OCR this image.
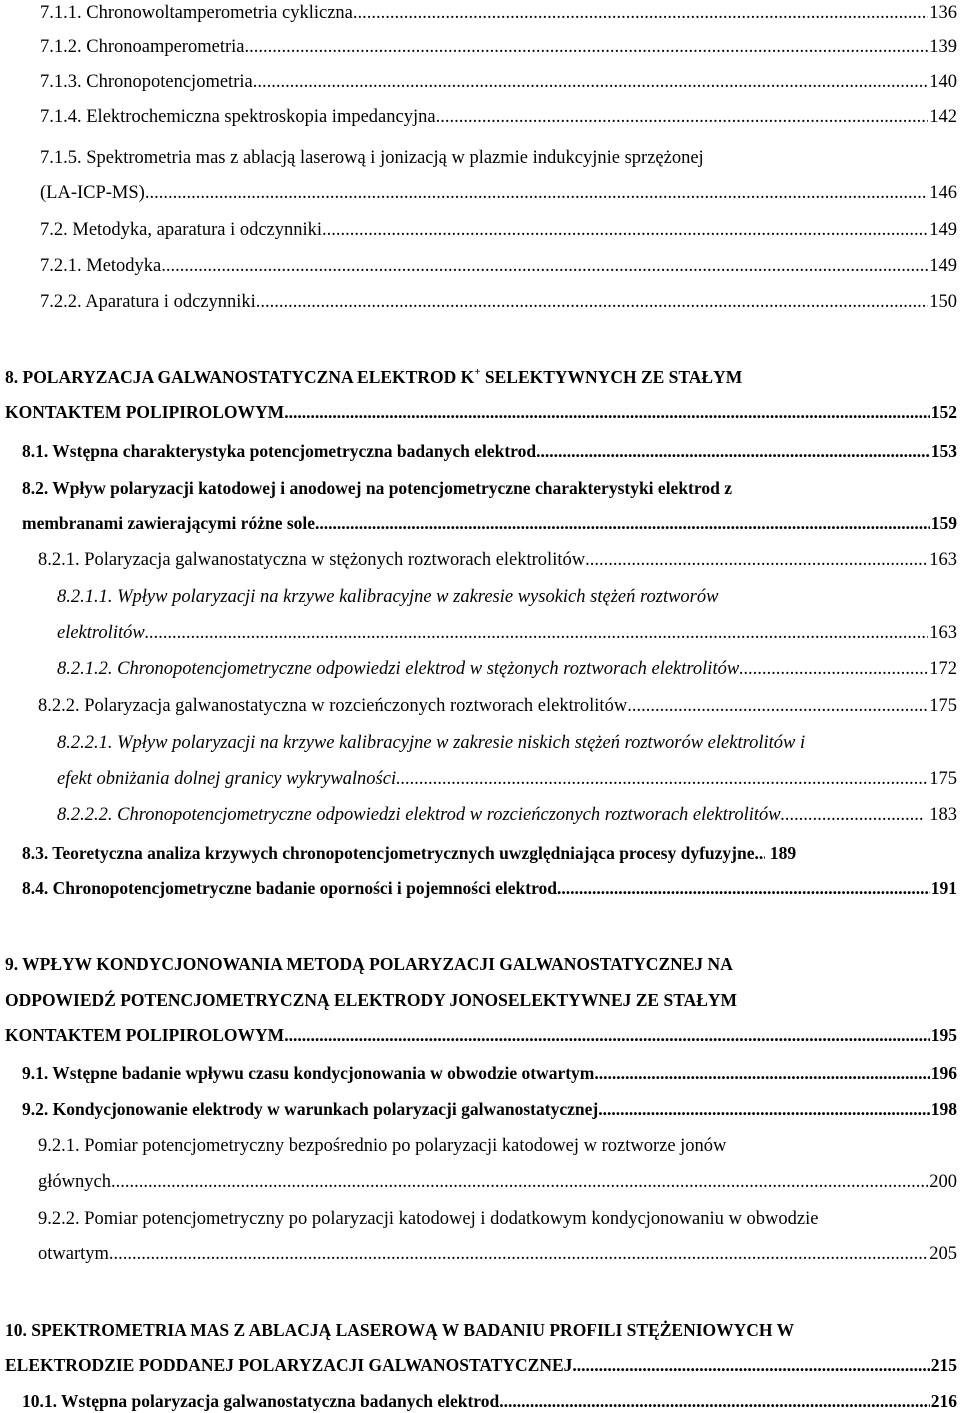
7.1.1. Chronowoltamperometria cykliczna .....	136
7.1.2. Chronoamperometria .....	139
7.1.3. Chronopotencjometria .....	140
7.1.4. Elektrochemiczna spektroskopia impedancyjna .....	142
7.1.5. Spektrometria mas z ablacją laserową i jonizacją w plazmie indukcyjnie sprzężonej
(LA-ICP-MS) .....	146
7.2. Metodyka, aparatura i odczynniki .....	149
7.2.1. Metodyka .....	149
7.2.2. Aparatura i odczynniki .....	150
8. POLARYZACJA GALWANOSTATYCZNA ELEKTROD K+ SELEKTYWNYCH ZE STAŁYM
KONTAKTEM POLIPIROLOWYM .....	152
8.1. Wstępna charakterystyka potencjometryczna badanych elektrod .....	153
8.2. Wpływ polaryzacji katodowej i anodowej na potencjometryczne charakterystyki elektrod z
membranami zawierającymi różne sole .....	159
8.2.1. Polaryzacja galwanostatyczna w stężonych roztworach elektrolitów .....	163
8.2.1.1. Wpływ polaryzacji na krzywe kalibracyjne w zakresie wysokich stężeń roztworów
elektrolitów .....	163
8.2.1.2. Chronopotencjometryczne odpowiedzi elektrod w stężonych roztworach elektrolitów .....	172
8.2.2. Polaryzacja galwanostatyczna w rozcieńczonych roztworach elektrolitów .....	175
8.2.2.1. Wpływ polaryzacji na krzywe kalibracyjne w zakresie niskich stężeń roztworów elektrolitów i
efekt obniżania dolnej granicy wykrywalności .....	175
8.2.2.2. Chronopotencjometryczne odpowiedzi elektrod w rozcieńczonych roztworach elektrolitów .....	183
8.3. Teoretyczna analiza krzywych chronopotencjometrycznych uwzględniająca procesy dyfuzyjne ..... 189
8.4. Chronopotencjometryczne badanie oporności i pojemności elektrod .....	191
9. WPŁYW KONDYCJONOWANIA METODĄ POLARYZACJI GALWANOSTATYCZNEJ NA
ODPOWIEDŹ POTENCJOMETRYCZNĄ ELEKTRODY JONOSELEKTYWNEJ ZE STAŁYM
KONTAKTEM POLIPIROLOWYM .....	195
9.1. Wstępne badanie wpływu czasu kondycjonowania w obwodzie otwartym .....	196
9.2. Kondycjonowanie elektrody w warunkach polaryzacji galwanostatycznej .....	198
9.2.1. Pomiar potencjometryczny bezpośrednio po polaryzacji katodowej w roztworze jonów
głównych .....	200
9.2.2. Pomiar potencjometryczny po polaryzacji katodowej i dodatkowym kondycjonowaniu w obwodzie
otwartym .....	205
10. SPEKTROMETRIA MAS Z ABLACJĄ LASEROWĄ W BADANIU PROFILI STĘŻENIOWYCH W
ELEKTRODZIE PODDANEJ POLARYZACJI GALWANOSTATYCZNEJ .....	215
10.1. Wstępna polaryzacja galwanostatyczna badanych elektrod .....	216
